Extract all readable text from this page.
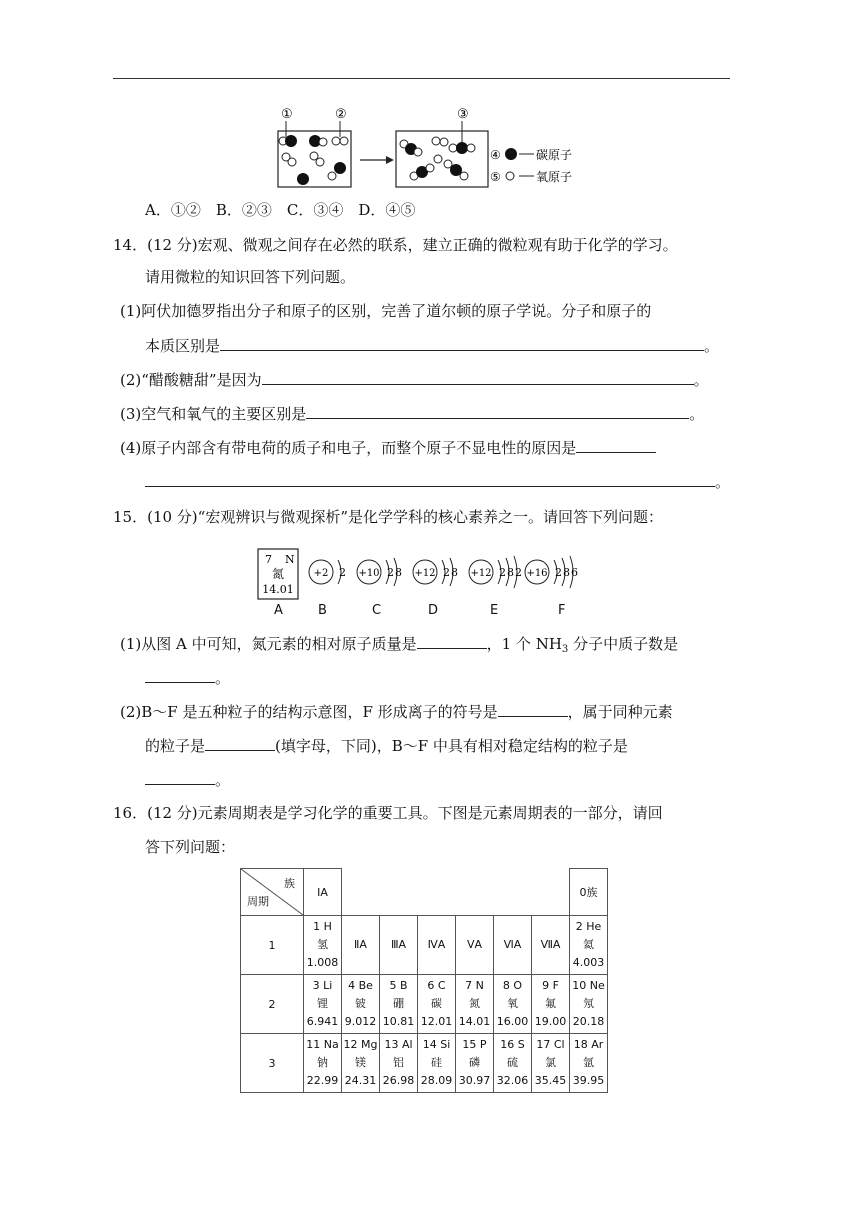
①	②	③
④	碳原子
⑤	氧原子
A．①②　B．②③　C．③④　D．④⑤
14．(12 分)宏观、微观之间存在必然的联系，建立正确的微粒观有助于化学的学习。
请用微粒的知识回答下列问题。
(1)阿伏加德罗指出分子和原子的区别，完善了道尔顿的原子学说。分子和原子的
本质区别是	。
(2)“醋酸糖甜”是因为	。
(3)空气和氧气的主要区别是	。
(4)原子内部含有带电荷的质子和电子，而整个原子不显电性的原因是
。
15．(10 分)“宏观辨识与微观探析”是化学学科的核心素养之一。请回答下列问题：
7 N
氮
14.01
+2 2 +10 2 8 +12 2 8 +12 2 8 2 +16 2 8 6
A	B	C	D	E	F
(1)从图 A 中可知，氮元素的相对原子质量是	，1 个 $NH_3$ 分子中质子数是
。
(2)B～F 是五种粒子的结构示意图，F 形成离子的符号是	，属于同种元素
的粒子是	(填字母，下同)，B～F 中具有相对稳定结构的粒子是
。
16．(12 分)元素周期表是学习化学的重要工具。下图是元素周期表的一部分，请回
答下列问题：
族
周期	ⅠA							0族
1	1 H
氢
1.008	ⅡA	ⅢA	ⅣA	ⅤA	ⅥA	ⅦA	2 He
氦
4.003

2	3 Li
锂
6.941	4 Be
铍
9.012	5 B
硼
10.81	6 C
碳
12.01	7 N
氮
14.01	8 O
氧
16.00	9 F
氟
19.00	10 Ne
氖
20.18

3	11 Na
钠
22.99	12 Mg
镁
24.31	13 Al
铝
26.98	14 Si
硅
28.09	15 P
磷
30.97	16 S
硫
32.06	17 Cl
氯
35.45	18 Ar
氩
39.95
